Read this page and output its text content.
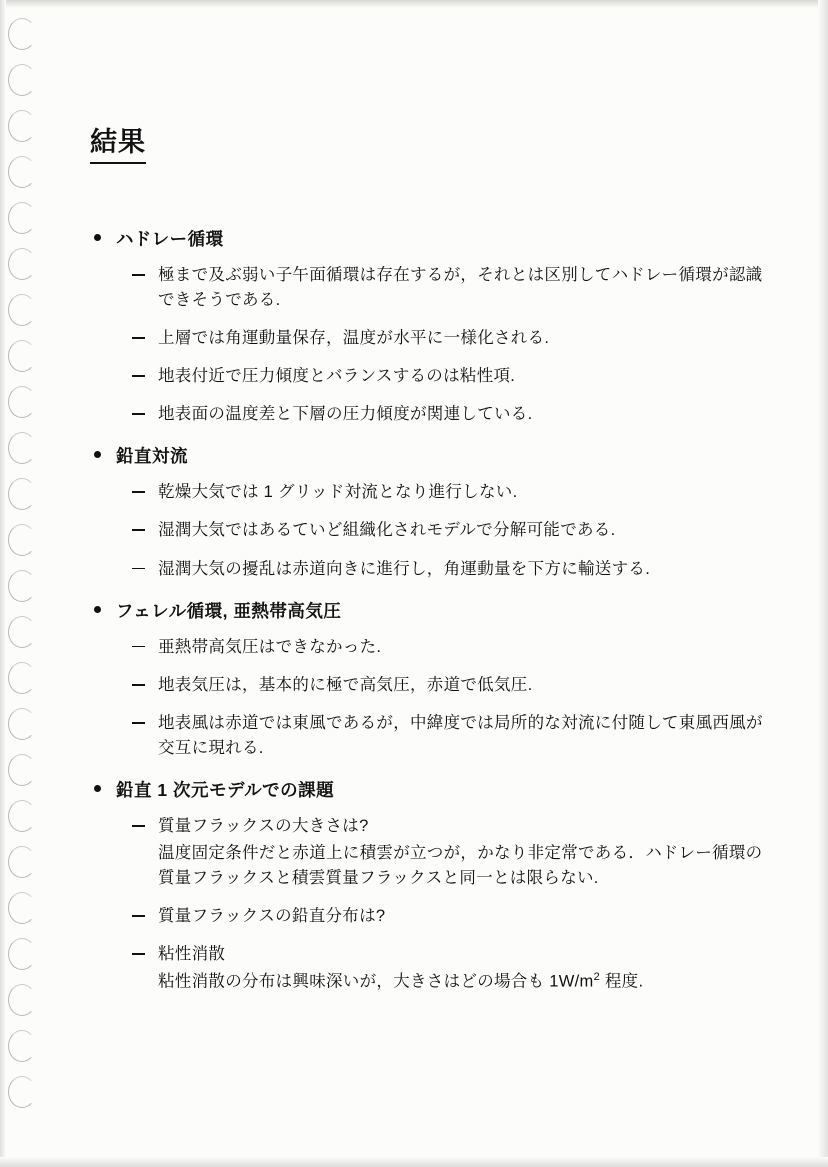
結果
ハドレー循環
極まで及ぶ弱い子午面循環は存在するが，それとは区別してハドレー循環が認識できそうである.
上層では角運動量保存，温度が水平に一様化される.
地表付近で圧力傾度とバランスするのは粘性項.
地表面の温度差と下層の圧力傾度が関連している.
鉛直対流
乾燥大気では 1 グリッド対流となり進行しない.
湿潤大気ではあるていど組織化されモデルで分解可能である.
湿潤大気の擾乱は赤道向きに進行し，角運動量を下方に輸送する.
フェレル循環, 亜熱帯高気圧
亜熱帯高気圧はできなかった.
地表気圧は，基本的に極で高気圧，赤道で低気圧.
地表風は赤道では東風であるが，中緯度では局所的な対流に付随して東風西風が交互に現れる.
鉛直 1 次元モデルでの課題
質量フラックスの大きさは?
温度固定条件だと赤道上に積雲が立つが，かなり非定常である．ハドレー循環の質量フラックスと積雲質量フラックスと同一とは限らない.
質量フラックスの鉛直分布は?
粘性消散
粘性消散の分布は興味深いが，大きさはどの場合も $1W/m^2$ 程度.
